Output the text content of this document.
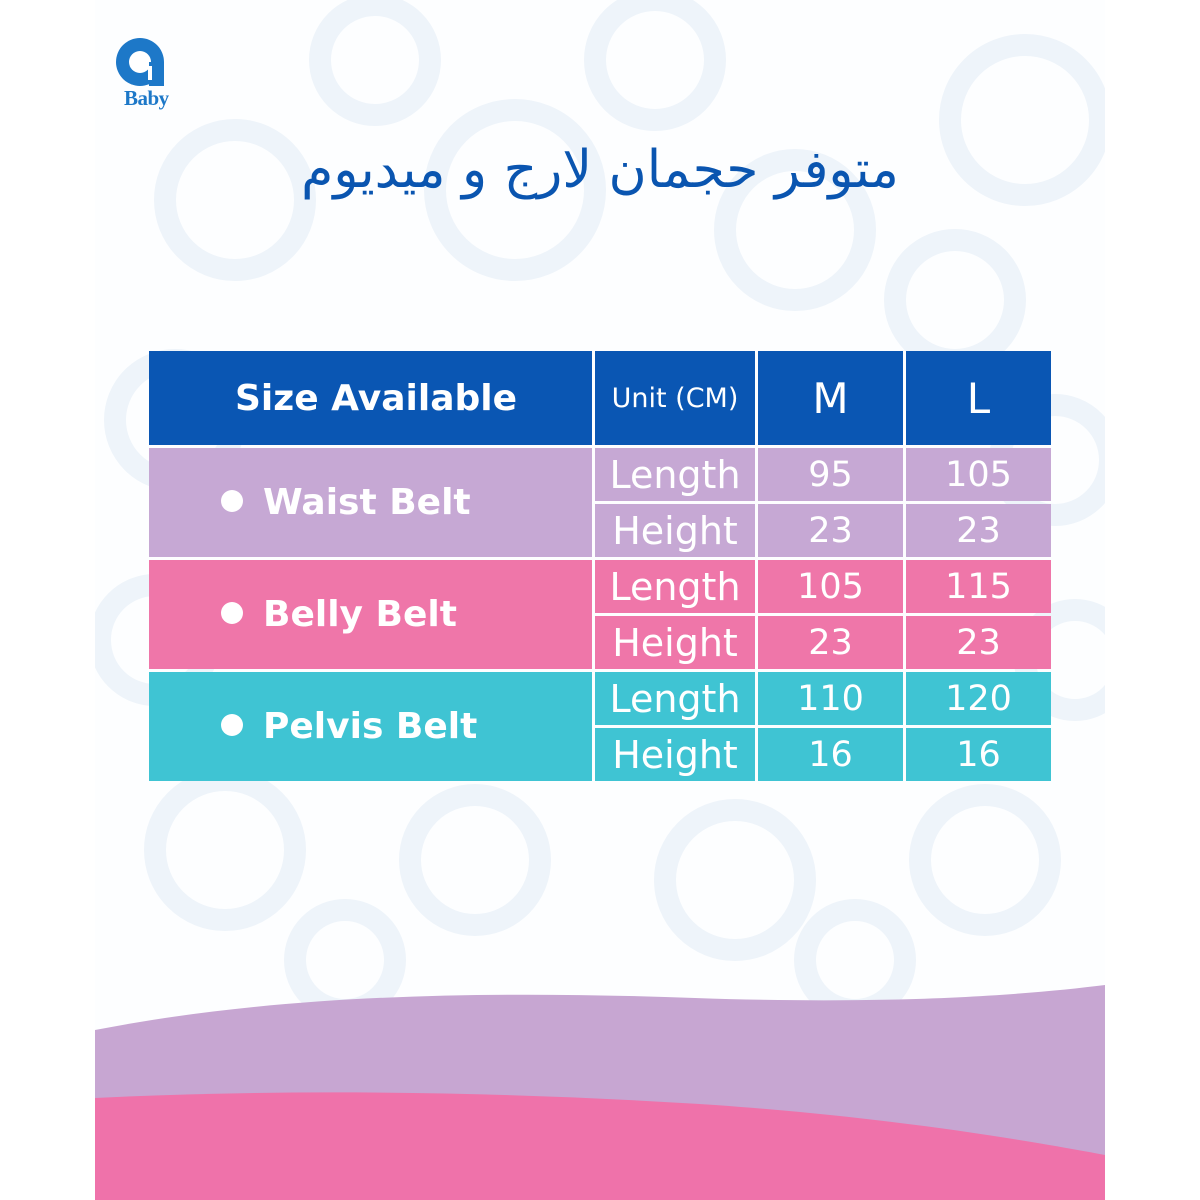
Baby
متوفر حجمان لارج و ميديوم
Size Available	Unit (CM)	M	L
Waist Belt	Length	95	105
	Height	23	23
Belly Belt	Length	105	115
	Height	23	23
Pelvis Belt	Length	110	120
	Height	16	16
